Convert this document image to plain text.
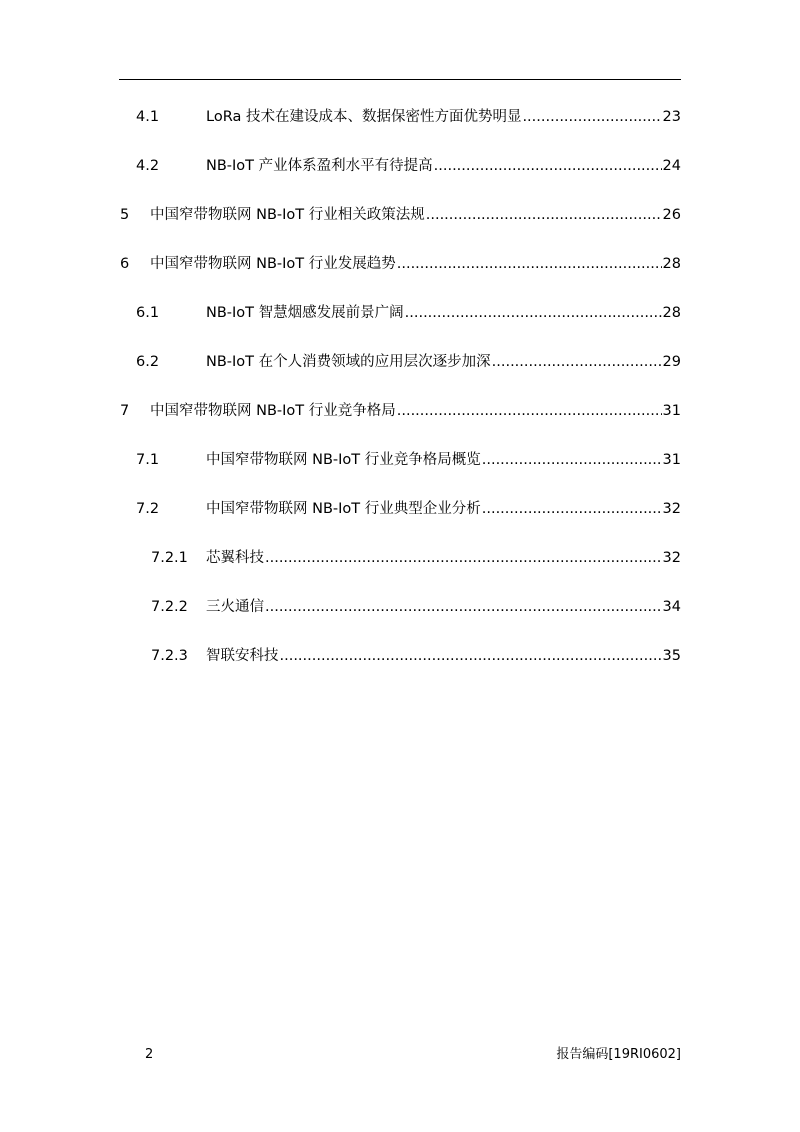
4.1	LoRa 技术在建设成本、数据保密性方面优势明显 .....	23
4.2	NB-IoT 产业体系盈利水平有待提高 .....	24
5 中国窄带物联网 NB-IoT 行业相关政策法规 .....	26
6 中国窄带物联网 NB-IoT 行业发展趋势 .....	28
6.1	NB-IoT 智慧烟感发展前景广阔 .....	28
6.2	NB-IoT 在个人消费领域的应用层次逐步加深 .....	29
7 中国窄带物联网 NB-IoT 行业竞争格局 .....	31
7.1	中国窄带物联网 NB-IoT 行业竞争格局概览 .....	31
7.2	中国窄带物联网 NB-IoT 行业典型企业分析 .....	32
7.2.1 芯翼科技 .....	32
7.2.2 三火通信 .....	34
7.2.3 智联安科技 .....	35
2	报告编码[19RI0602]
